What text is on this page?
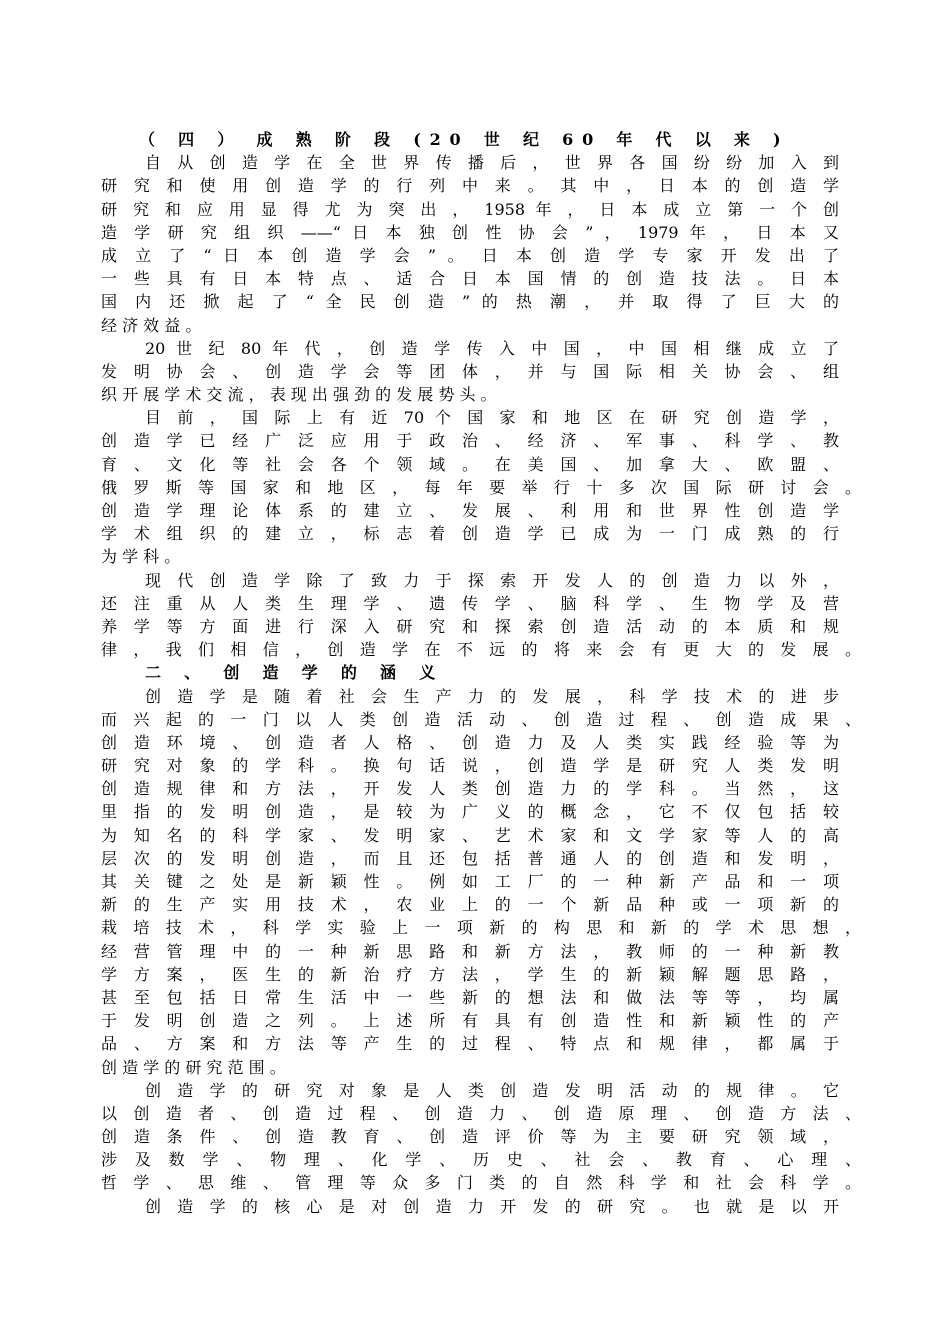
（ 四 ） 成 熟 阶 段 (20 世 纪 60 年 代 以 来 )
自 从 创 造 学 在 全 世 界 传 播 后 ， 世 界 各 国 纷 纷 加 入 到
研 究 和 使 用 创 造 学 的 行 列 中 来 。 其 中 ， 日 本 的 创 造 学
研 究 和 应 用 显 得 尤 为 突 出 ， 1958 年 ， 日 本 成 立 第 一 个 创
造 学 研 究 组 织 ——“ 日 本 独 创 性 协 会 ” ， 1979 年 ， 日 本 又
成 立 了 “ 日 本 创 造 学 会 ” 。 日 本 创 造 学 专 家 开 发 出 了
一 些 具 有 日 本 特 点 、 适 合 日 本 国 情 的 创 造 技 法 。 日 本
国 内 还 掀 起 了 “ 全 民 创 造 ” 的 热 潮 ， 并 取 得 了 巨 大 的
经 济 效 益 。
20 世 纪 80 年 代 ， 创 造 学 传 入 中 国 ， 中 国 相 继 成 立 了
发 明 协 会 、 创 造 学 会 等 团 体 ， 并 与 国 际 相 关 协 会 、 组
织 开 展 学 术 交 流 ， 表 现 出 强 劲 的 发 展 势 头 。
目 前 ， 国 际 上 有 近 70 个 国 家 和 地 区 在 研 究 创 造 学 ，
创 造 学 已 经 广 泛 应 用 于 政 治 、 经 济 、 军 事 、 科 学 、 教
育 、 文 化 等 社 会 各 个 领 域 。 在 美 国 、 加 拿 大 、 欧 盟 、
俄 罗 斯 等 国 家 和 地 区 ， 每 年 要 举 行 十 多 次 国 际 研 讨 会 。
创 造 学 理 论 体 系 的 建 立 、 发 展 、 利 用 和 世 界 性 创 造 学
学 术 组 织 的 建 立 ， 标 志 着 创 造 学 已 成 为 一 门 成 熟 的 行
为 学 科 。
现 代 创 造 学 除 了 致 力 于 探 索 开 发 人 的 创 造 力 以 外 ，
还 注 重 从 人 类 生 理 学 、 遗 传 学 、 脑 科 学 、 生 物 学 及 营
养 学 等 方 面 进 行 深 入 研 究 和 探 索 创 造 活 动 的 本 质 和 规
律 ， 我 们 相 信 ， 创 造 学 在 不 远 的 将 来 会 有 更 大 的 发 展 。
二 、 创 造 学 的 涵 义
创 造 学 是 随 着 社 会 生 产 力 的 发 展 ， 科 学 技 术 的 进 步
而 兴 起 的 一 门 以 人 类 创 造 活 动 、 创 造 过 程 、 创 造 成 果 、
创 造 环 境 、 创 造 者 人 格 、 创 造 力 及 人 类 实 践 经 验 等 为
研 究 对 象 的 学 科 。 换 句 话 说 ， 创 造 学 是 研 究 人 类 发 明
创 造 规 律 和 方 法 ， 开 发 人 类 创 造 力 的 学 科 。 当 然 ， 这
里 指 的 发 明 创 造 ， 是 较 为 广 义 的 概 念 ， 它 不 仅 包 括 较
为 知 名 的 科 学 家 、 发 明 家 、 艺 术 家 和 文 学 家 等 人 的 高
层 次 的 发 明 创 造 ， 而 且 还 包 括 普 通 人 的 创 造 和 发 明 ，
其 关 键 之 处 是 新 颖 性 。 例 如 工 厂 的 一 种 新 产 品 和 一 项
新 的 生 产 实 用 技 术 ， 农 业 上 的 一 个 新 品 种 或 一 项 新 的
栽 培 技 术 ， 科 学 实 验 上 一 项 新 的 构 思 和 新 的 学 术 思 想 ，
经 营 管 理 中 的 一 种 新 思 路 和 新 方 法 ， 教 师 的 一 种 新 教
学 方 案 ， 医 生 的 新 治 疗 方 法 ， 学 生 的 新 颖 解 题 思 路 ，
甚 至 包 括 日 常 生 活 中 一 些 新 的 想 法 和 做 法 等 等 ， 均 属
于 发 明 创 造 之 列 。 上 述 所 有 具 有 创 造 性 和 新 颖 性 的 产
品 、 方 案 和 方 法 等 产 生 的 过 程 、 特 点 和 规 律 ， 都 属 于
创 造 学 的 研 究 范 围 。
创 造 学 的 研 究 对 象 是 人 类 创 造 发 明 活 动 的 规 律 。 它
以 创 造 者 、 创 造 过 程 、 创 造 力 、 创 造 原 理 、 创 造 方 法 、
创 造 条 件 、 创 造 教 育 、 创 造 评 价 等 为 主 要 研 究 领 域 ，
涉 及 数 学 、 物 理 、 化 学 、 历 史 、 社 会 、 教 育 、 心 理 、
哲 学 、 思 维 、 管 理 等 众 多 门 类 的 自 然 科 学 和 社 会 科 学 。
创 造 学 的 核 心 是 对 创 造 力 开 发 的 研 究 。 也 就 是 以 开
